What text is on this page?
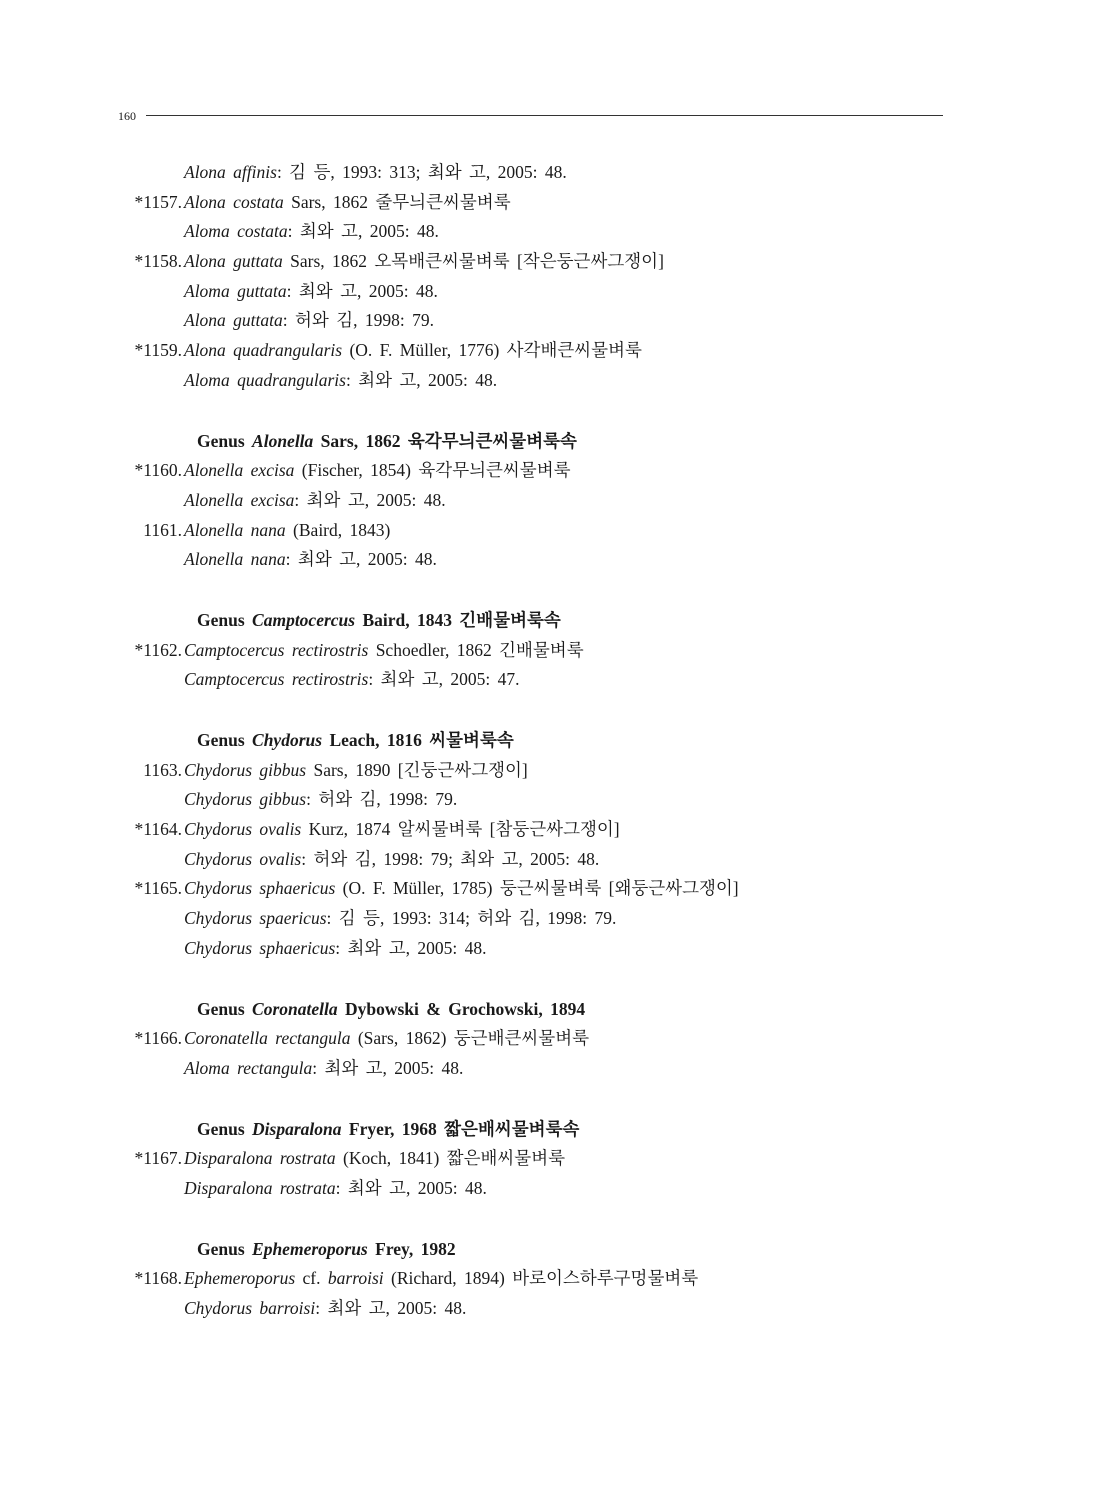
160
Alona affinis: 김 등, 1993: 313; 최와 고, 2005: 48.
*1157. Alona costata Sars, 1862 줄무늬큰씨물벼룩
Aloma costata: 최와 고, 2005: 48.
*1158. Alona guttata Sars, 1862 오목배큰씨물벼룩 [작은둥근싸그쟁이]
Aloma guttata: 최와 고, 2005: 48.
Alona guttata: 허와 김, 1998: 79.
*1159. Alona quadrangularis (O. F. Müller, 1776) 사각배큰씨물벼룩
Aloma quadrangularis: 최와 고, 2005: 48.
Genus Alonella Sars, 1862 육각무늬큰씨물벼룩속
*1160. Alonella excisa (Fischer, 1854) 육각무늬큰씨물벼룩
Alonella excisa: 최와 고, 2005: 48.
1161. Alonella nana (Baird, 1843)
Alonella nana: 최와 고, 2005: 48.
Genus Camptocercus Baird, 1843 긴배물벼룩속
*1162. Camptocercus rectirostris Schoedler, 1862 긴배물벼룩
Camptocercus rectirostris: 최와 고, 2005: 47.
Genus Chydorus Leach, 1816 씨물벼룩속
1163. Chydorus gibbus Sars, 1890 [긴둥근싸그쟁이]
Chydorus gibbus: 허와 김, 1998: 79.
*1164. Chydorus ovalis Kurz, 1874 알씨물벼룩 [참둥근싸그쟁이]
Chydorus ovalis: 허와 김, 1998: 79; 최와 고, 2005: 48.
*1165. Chydorus sphaericus (O. F. Müller, 1785) 둥근씨물벼룩 [왜둥근싸그쟁이]
Chydorus spaericus: 김 등, 1993: 314; 허와 김, 1998: 79.
Chydorus sphaericus: 최와 고, 2005: 48.
Genus Coronatella Dybowski & Grochowski, 1894
*1166. Coronatella rectangula (Sars, 1862) 둥근배큰씨물벼룩
Aloma rectangula: 최와 고, 2005: 48.
Genus Disparalona Fryer, 1968 짧은배씨물벼룩속
*1167. Disparalona rostrata (Koch, 1841) 짧은배씨물벼룩
Disparalona rostrata: 최와 고, 2005: 48.
Genus Ephemeroporus Frey, 1982
*1168. Ephemeroporus cf. barroisi (Richard, 1894) 바로이스하루구멍물벼룩
Chydorus barroisi: 최와 고, 2005: 48.
